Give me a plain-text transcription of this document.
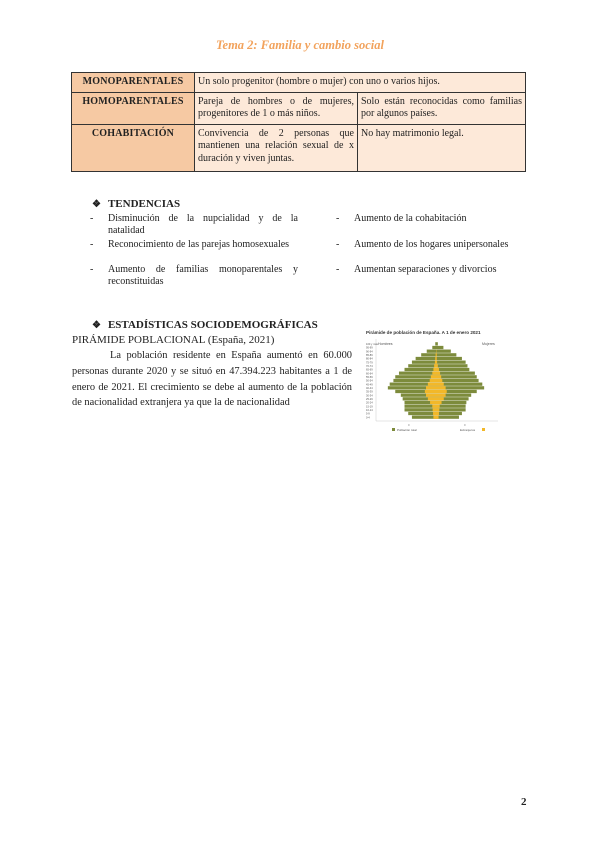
Tema 2: Familia y cambio social
MONOPARENTALES	Un solo progenitor (hombre o mujer) con uno o varios hijos.	
HOMOPARENTALES	Pareja de hombres o de mujeres, progenitores de 1 o más niños.	Solo están reconocidas como familias por algunos países.
COHABITACIÓN	Convivencia de 2 personas que mantienen una relación sexual de x duración y viven juntas.	No hay matrimonio legal.
❖ TENDENCIAS
- Disminución de la nupcialidad y de la natalidad
- Reconocimiento de las parejas homosexuales
- Aumento de familias monoparentales y reconstituidas
- Aumento de la cohabitación
- Aumento de los hogares unipersonales
- Aumentan separaciones y divorcios
❖ ESTADÍSTICAS SOCIODEMOGRÁFICAS
PIRÁMIDE POBLACIONAL (España, 2021)
La población residente en España aumentó en 60.000 personas durante 2020 y se situó en 47.394.223 habitantes a 1 de enero de 2021. El crecimiento se debe al aumento de la población de nacionalidad extranjera ya que la de nacionalidad
Pirámide de población de España. A 1 de enero 2021
Hombres	Mujeres
100 y más
95-99
90-94
85-89
80-84
75-79
70-74
65-69
60-64
55-59
50-54
45-49
40-44
35-39
30-34
25-29
20-24
15-19
10-14
5-9
0-4
0	0
Población total	Extranjeros
2
